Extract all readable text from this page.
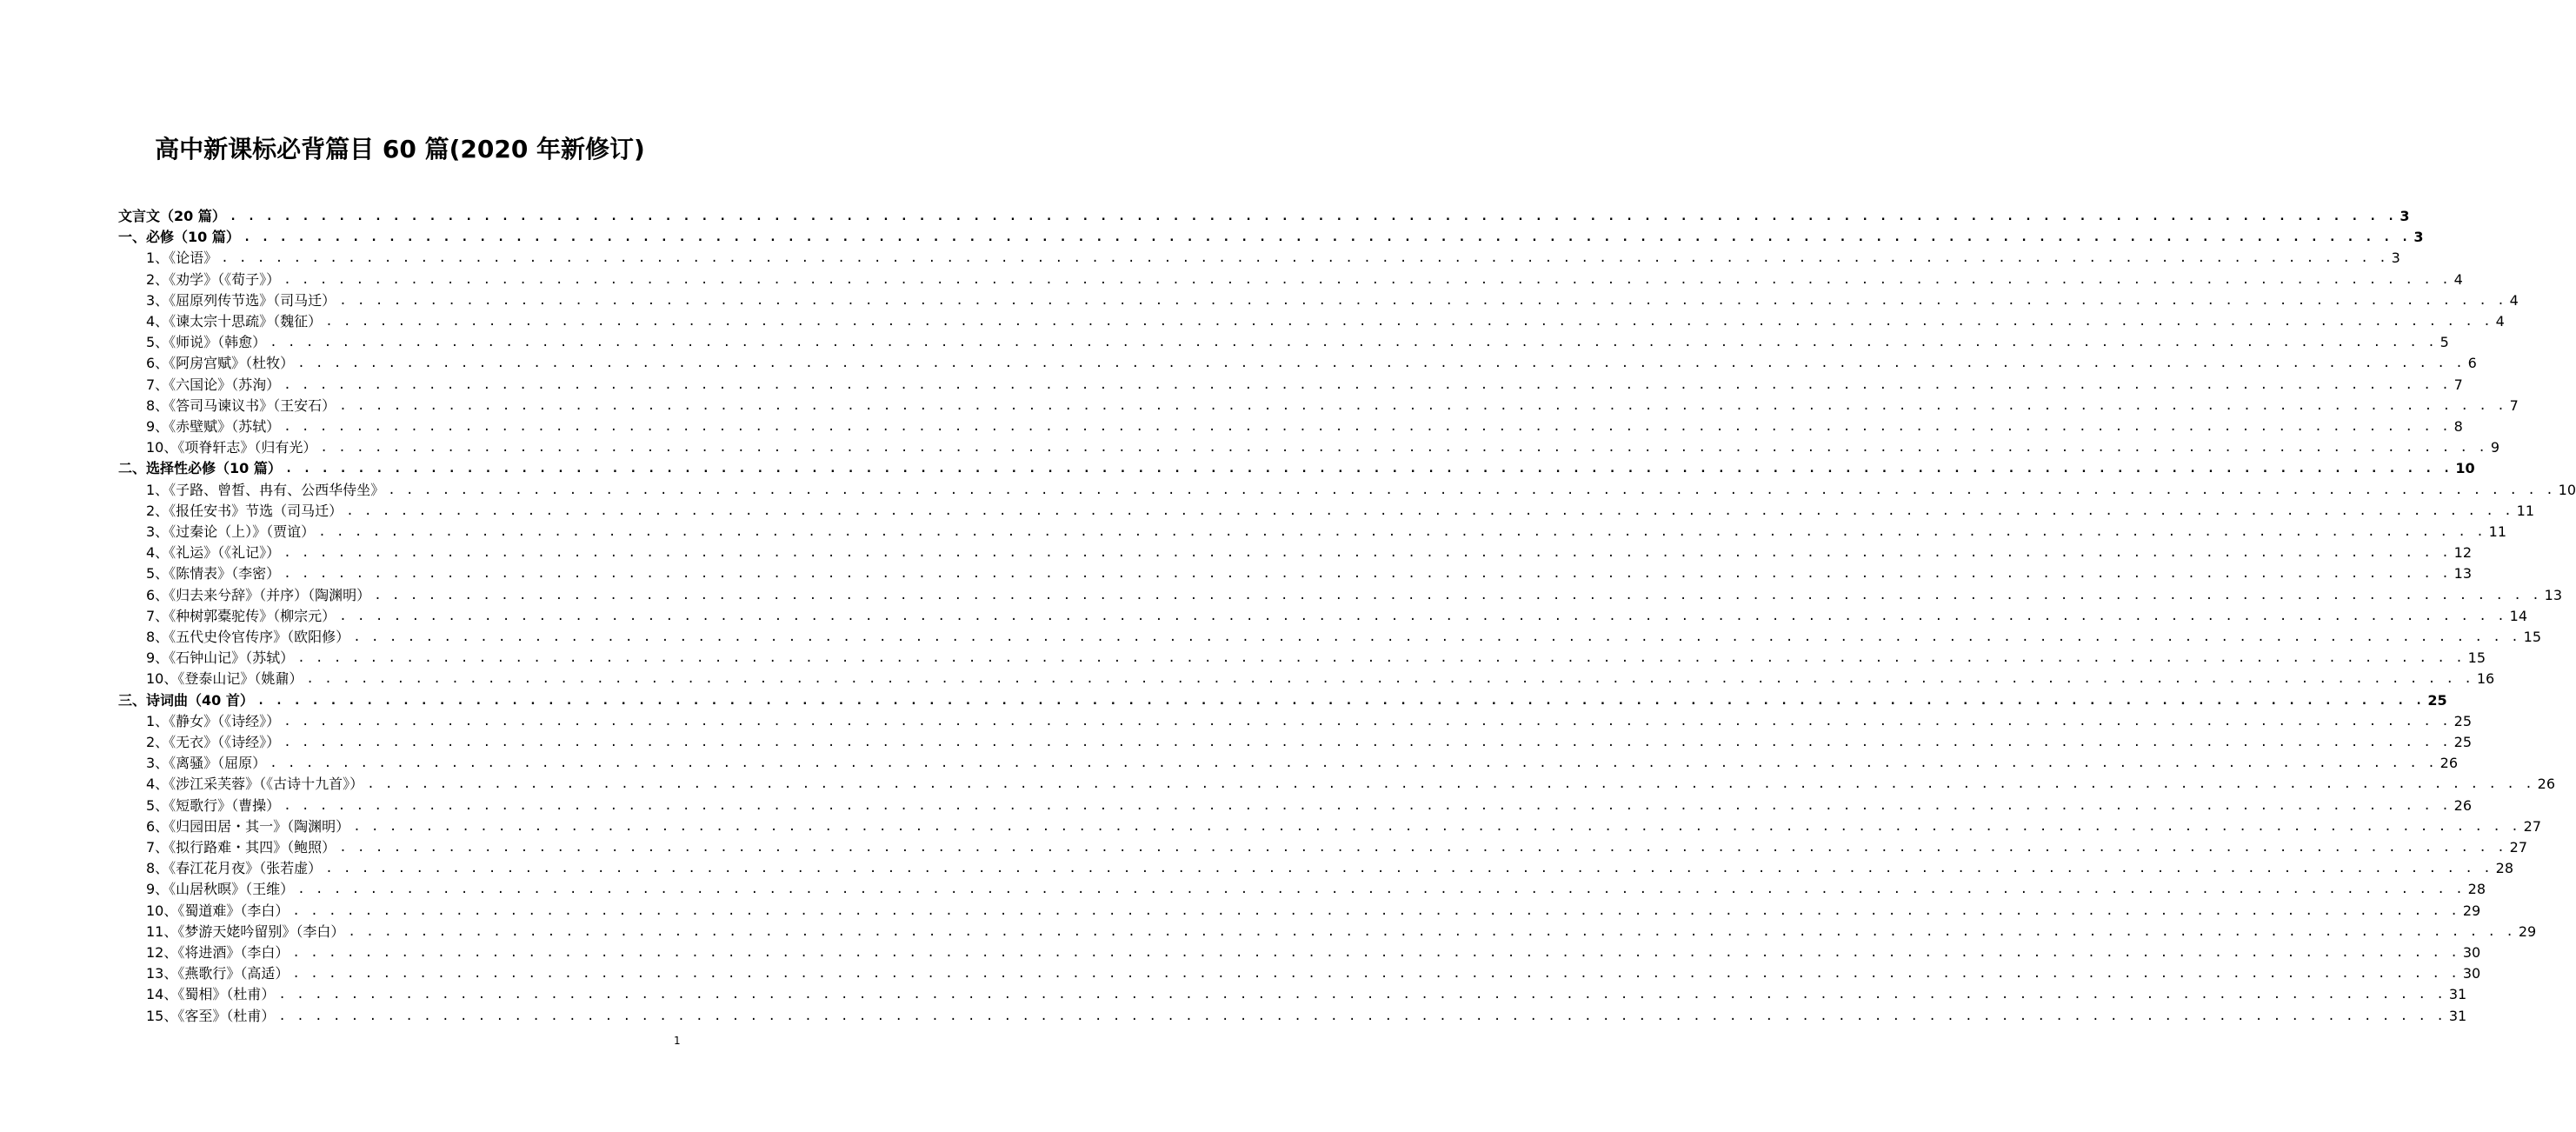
高中新课标必背篇目 60 篇(2020 年新修订)
文言文（20 篇） . . . . . . . . . . . . . . . . . . . . . . . . . . . . . . . . . . . . . . . . . . . . . . . . . . . . . . . . . . . . . . . . . . . . . . . . . . . . . . . . . . . . . . . . . . . . . . . . . . . . . . . . . . . . . . . . . . . . . . . . 3
一、必修（10 篇） . . . . . . . . . . . . . . . . . . . . . . . . . . . . . . . . . . . . . . . . . . . . . . . . . . . . . . . . . . . . . . . . . . . . . . . . . . . . . . . . . . . . . . . . . . . . . . . . . . . . . . . . . . . . . . . . . . . . . . . . 3
1、《论语》 . . . . . . . . . . . . . . . . . . . . . . . . . . . . . . . . . . . . . . . . . . . . . . . . . . . . . . . . . . . . . . . . . . . . . . . . . . . . . . . . . . . . . . . . . . . . . . . . . . . . . . . . . . . . . . . . . . . . . . . . 3
2、《劝学》（《荀子》） . . . . . . . . . . . . . . . . . . . . . . . . . . . . . . . . . . . . . . . . . . . . . . . . . . . . . . . . . . . . . . . . . . . . . . . . . . . . . . . . . . . . . . . . . . . . . . . . . . . . . . . . . . . . . . . . . . . . . . . . 4
3、《屈原列传节选》（司马迁） . . . . . . . . . . . . . . . . . . . . . . . . . . . . . . . . . . . . . . . . . . . . . . . . . . . . . . . . . . . . . . . . . . . . . . . . . . . . . . . . . . . . . . . . . . . . . . . . . . . . . . . . . . . . . . . . . . . . . . . . 4
4、《谏太宗十思疏》（魏征） . . . . . . . . . . . . . . . . . . . . . . . . . . . . . . . . . . . . . . . . . . . . . . . . . . . . . . . . . . . . . . . . . . . . . . . . . . . . . . . . . . . . . . . . . . . . . . . . . . . . . . . . . . . . . . . . . . . . . . . . 4
5、《师说》（韩愈） . . . . . . . . . . . . . . . . . . . . . . . . . . . . . . . . . . . . . . . . . . . . . . . . . . . . . . . . . . . . . . . . . . . . . . . . . . . . . . . . . . . . . . . . . . . . . . . . . . . . . . . . . . . . . . . . . . . . . . . . 5
6、《阿房宫赋》（杜牧） . . . . . . . . . . . . . . . . . . . . . . . . . . . . . . . . . . . . . . . . . . . . . . . . . . . . . . . . . . . . . . . . . . . . . . . . . . . . . . . . . . . . . . . . . . . . . . . . . . . . . . . . . . . . . . . . . . . . . . . . 6
7、《六国论》（苏洵） . . . . . . . . . . . . . . . . . . . . . . . . . . . . . . . . . . . . . . . . . . . . . . . . . . . . . . . . . . . . . . . . . . . . . . . . . . . . . . . . . . . . . . . . . . . . . . . . . . . . . . . . . . . . . . . . . . . . . . . . 7
8、《答司马谏议书》（王安石） . . . . . . . . . . . . . . . . . . . . . . . . . . . . . . . . . . . . . . . . . . . . . . . . . . . . . . . . . . . . . . . . . . . . . . . . . . . . . . . . . . . . . . . . . . . . . . . . . . . . . . . . . . . . . . . . . . . . . . . . 7
9、《赤壁赋》（苏轼） . . . . . . . . . . . . . . . . . . . . . . . . . . . . . . . . . . . . . . . . . . . . . . . . . . . . . . . . . . . . . . . . . . . . . . . . . . . . . . . . . . . . . . . . . . . . . . . . . . . . . . . . . . . . . . . . . . . . . . . . 8
10、《项脊轩志》（归有光） . . . . . . . . . . . . . . . . . . . . . . . . . . . . . . . . . . . . . . . . . . . . . . . . . . . . . . . . . . . . . . . . . . . . . . . . . . . . . . . . . . . . . . . . . . . . . . . . . . . . . . . . . . . . . . . . . . . . . . . . 9
二、选择性必修（10 篇） . . . . . . . . . . . . . . . . . . . . . . . . . . . . . . . . . . . . . . . . . . . . . . . . . . . . . . . . . . . . . . . . . . . . . . . . . . . . . . . . . . . . . . . . . . . . . . . . . . . . . . . . . . . . . . . . . . . . . . . . 10
1、《子路、曾皙、冉有、公西华侍坐》 . . . . . . . . . . . . . . . . . . . . . . . . . . . . . . . . . . . . . . . . . . . . . . . . . . . . . . . . . . . . . . . . . . . . . . . . . . . . . . . . . . . . . . . . . . . . . . . . . . . . . . . . . . . . . . . . . . . . . . . . 10
2、《报任安书》节选（司马迁） . . . . . . . . . . . . . . . . . . . . . . . . . . . . . . . . . . . . . . . . . . . . . . . . . . . . . . . . . . . . . . . . . . . . . . . . . . . . . . . . . . . . . . . . . . . . . . . . . . . . . . . . . . . . . . . . . . . . . . . . 11
3、《过秦论（上）》（贾谊） . . . . . . . . . . . . . . . . . . . . . . . . . . . . . . . . . . . . . . . . . . . . . . . . . . . . . . . . . . . . . . . . . . . . . . . . . . . . . . . . . . . . . . . . . . . . . . . . . . . . . . . . . . . . . . . . . . . . . . . . 11
4、《礼运》（《礼记》） . . . . . . . . . . . . . . . . . . . . . . . . . . . . . . . . . . . . . . . . . . . . . . . . . . . . . . . . . . . . . . . . . . . . . . . . . . . . . . . . . . . . . . . . . . . . . . . . . . . . . . . . . . . . . . . . . . . . . . . . 12
5、《陈情表》（李密） . . . . . . . . . . . . . . . . . . . . . . . . . . . . . . . . . . . . . . . . . . . . . . . . . . . . . . . . . . . . . . . . . . . . . . . . . . . . . . . . . . . . . . . . . . . . . . . . . . . . . . . . . . . . . . . . . . . . . . . . 13
6、《归去来兮辞》（并序）（陶渊明） . . . . . . . . . . . . . . . . . . . . . . . . . . . . . . . . . . . . . . . . . . . . . . . . . . . . . . . . . . . . . . . . . . . . . . . . . . . . . . . . . . . . . . . . . . . . . . . . . . . . . . . . . . . . . . . . . . . . . . . . 13
7、《种树郭橐驼传》（柳宗元） . . . . . . . . . . . . . . . . . . . . . . . . . . . . . . . . . . . . . . . . . . . . . . . . . . . . . . . . . . . . . . . . . . . . . . . . . . . . . . . . . . . . . . . . . . . . . . . . . . . . . . . . . . . . . . . . . . . . . . . . 14
8、《五代史伶官传序》（欧阳修） . . . . . . . . . . . . . . . . . . . . . . . . . . . . . . . . . . . . . . . . . . . . . . . . . . . . . . . . . . . . . . . . . . . . . . . . . . . . . . . . . . . . . . . . . . . . . . . . . . . . . . . . . . . . . . . . . . . . . . . . 15
9、《石钟山记》（苏轼） . . . . . . . . . . . . . . . . . . . . . . . . . . . . . . . . . . . . . . . . . . . . . . . . . . . . . . . . . . . . . . . . . . . . . . . . . . . . . . . . . . . . . . . . . . . . . . . . . . . . . . . . . . . . . . . . . . . . . . . . 15
10、《登泰山记》（姚鼐） . . . . . . . . . . . . . . . . . . . . . . . . . . . . . . . . . . . . . . . . . . . . . . . . . . . . . . . . . . . . . . . . . . . . . . . . . . . . . . . . . . . . . . . . . . . . . . . . . . . . . . . . . . . . . . . . . . . . . . . . 16
三、诗词曲（40 首） . . . . . . . . . . . . . . . . . . . . . . . . . . . . . . . . . . . . . . . . . . . . . . . . . . . . . . . . . . . . . . . . . . . . . . . . . . . . . . . . . . . . . . . . . . . . . . . . . . . . . . . . . . . . . . . . . . . . . . . . 25
1、《静女》（《诗经》） . . . . . . . . . . . . . . . . . . . . . . . . . . . . . . . . . . . . . . . . . . . . . . . . . . . . . . . . . . . . . . . . . . . . . . . . . . . . . . . . . . . . . . . . . . . . . . . . . . . . . . . . . . . . . . . . . . . . . . . . 25
2、《无衣》（《诗经》） . . . . . . . . . . . . . . . . . . . . . . . . . . . . . . . . . . . . . . . . . . . . . . . . . . . . . . . . . . . . . . . . . . . . . . . . . . . . . . . . . . . . . . . . . . . . . . . . . . . . . . . . . . . . . . . . . . . . . . . . 25
3、《离骚》（屈原） . . . . . . . . . . . . . . . . . . . . . . . . . . . . . . . . . . . . . . . . . . . . . . . . . . . . . . . . . . . . . . . . . . . . . . . . . . . . . . . . . . . . . . . . . . . . . . . . . . . . . . . . . . . . . . . . . . . . . . . . 26
4、《涉江采芙蓉》（《古诗十九首》） . . . . . . . . . . . . . . . . . . . . . . . . . . . . . . . . . . . . . . . . . . . . . . . . . . . . . . . . . . . . . . . . . . . . . . . . . . . . . . . . . . . . . . . . . . . . . . . . . . . . . . . . . . . . . . . . . . . . . . . . 26
5、《短歌行》（曹操） . . . . . . . . . . . . . . . . . . . . . . . . . . . . . . . . . . . . . . . . . . . . . . . . . . . . . . . . . . . . . . . . . . . . . . . . . . . . . . . . . . . . . . . . . . . . . . . . . . . . . . . . . . . . . . . . . . . . . . . . 26
6、《归园田居・其一》（陶渊明） . . . . . . . . . . . . . . . . . . . . . . . . . . . . . . . . . . . . . . . . . . . . . . . . . . . . . . . . . . . . . . . . . . . . . . . . . . . . . . . . . . . . . . . . . . . . . . . . . . . . . . . . . . . . . . . . . . . . . . . . 27
7、《拟行路难・其四》（鲍照） . . . . . . . . . . . . . . . . . . . . . . . . . . . . . . . . . . . . . . . . . . . . . . . . . . . . . . . . . . . . . . . . . . . . . . . . . . . . . . . . . . . . . . . . . . . . . . . . . . . . . . . . . . . . . . . . . . . . . . . . 27
8、《春江花月夜》（张若虚） . . . . . . . . . . . . . . . . . . . . . . . . . . . . . . . . . . . . . . . . . . . . . . . . . . . . . . . . . . . . . . . . . . . . . . . . . . . . . . . . . . . . . . . . . . . . . . . . . . . . . . . . . . . . . . . . . . . . . . . . 28
9、《山居秋暝》（王维） . . . . . . . . . . . . . . . . . . . . . . . . . . . . . . . . . . . . . . . . . . . . . . . . . . . . . . . . . . . . . . . . . . . . . . . . . . . . . . . . . . . . . . . . . . . . . . . . . . . . . . . . . . . . . . . . . . . . . . . . 28
10、《蜀道难》（李白） . . . . . . . . . . . . . . . . . . . . . . . . . . . . . . . . . . . . . . . . . . . . . . . . . . . . . . . . . . . . . . . . . . . . . . . . . . . . . . . . . . . . . . . . . . . . . . . . . . . . . . . . . . . . . . . . . . . . . . . . 29
11、《梦游天姥吟留别》（李白） . . . . . . . . . . . . . . . . . . . . . . . . . . . . . . . . . . . . . . . . . . . . . . . . . . . . . . . . . . . . . . . . . . . . . . . . . . . . . . . . . . . . . . . . . . . . . . . . . . . . . . . . . . . . . . . . . . . . . . . . 29
12、《将进酒》（李白） . . . . . . . . . . . . . . . . . . . . . . . . . . . . . . . . . . . . . . . . . . . . . . . . . . . . . . . . . . . . . . . . . . . . . . . . . . . . . . . . . . . . . . . . . . . . . . . . . . . . . . . . . . . . . . . . . . . . . . . . 30
13、《燕歌行》（高适） . . . . . . . . . . . . . . . . . . . . . . . . . . . . . . . . . . . . . . . . . . . . . . . . . . . . . . . . . . . . . . . . . . . . . . . . . . . . . . . . . . . . . . . . . . . . . . . . . . . . . . . . . . . . . . . . . . . . . . . . 30
14、《蜀相》（杜甫） . . . . . . . . . . . . . . . . . . . . . . . . . . . . . . . . . . . . . . . . . . . . . . . . . . . . . . . . . . . . . . . . . . . . . . . . . . . . . . . . . . . . . . . . . . . . . . . . . . . . . . . . . . . . . . . . . . . . . . . . 31
15、《客至》（杜甫） . . . . . . . . . . . . . . . . . . . . . . . . . . . . . . . . . . . . . . . . . . . . . . . . . . . . . . . . . . . . . . . . . . . . . . . . . . . . . . . . . . . . . . . . . . . . . . . . . . . . . . . . . . . . . . . . . . . . . . . . 31
1
